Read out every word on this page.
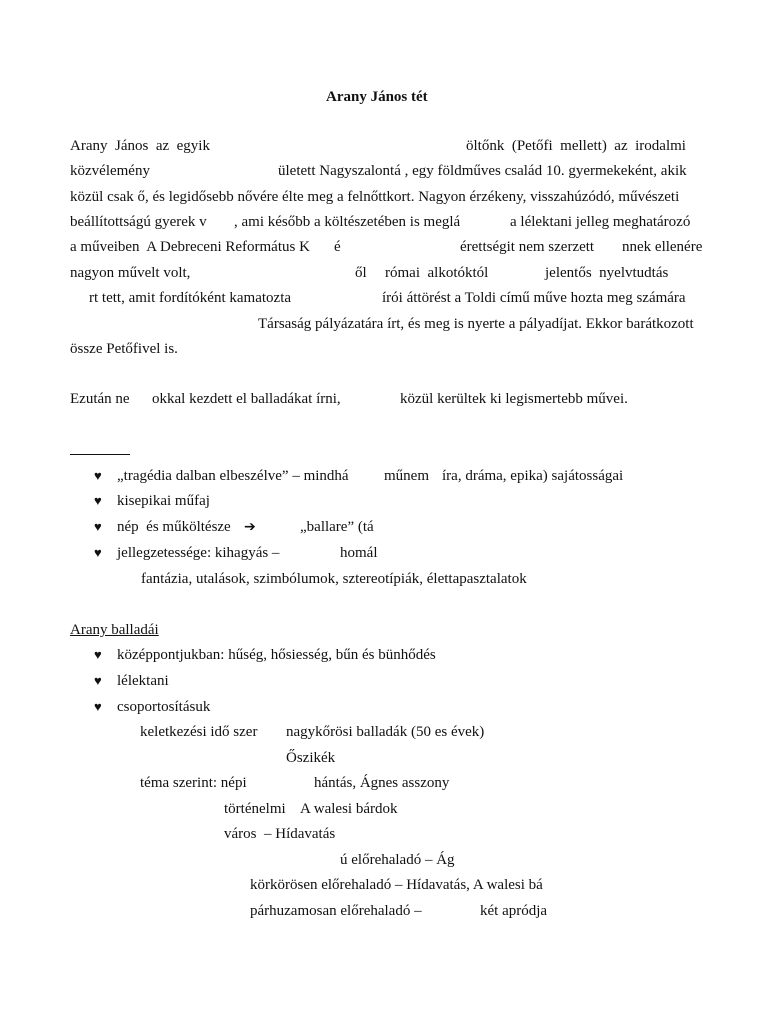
Arany János tét
Arany  János  az  egyik	öltőnk  (Petőfi  mellett)  az  irodalmi
közvélemény	ületett Nagyszalontá , egy földműves család 10. gyermekeként, akik
közül csak ő, és legidősebb nővére élte meg a felnőttkort. Nagyon érzékeny, visszahúzódó, művészeti
beállítottságú gyerek v , ami később a költészetében is meglá	a lélektani jelleg meghatározó
a műveiben  A Debreceni Református K é	érettségit nem szerzett nnek ellenére
nagyon művelt volt,	ől római  alkotóktól	jelentős  nyelvtudtás
rt tett, amit fordítóként kamatozta	írói áttörést a Toldi című műve hozta meg számára
Társaság pályázatára írt, és meg is nyerte a pályadíjat. Ekkor barátkozott
össze Petőfivel is.
Ezután ne okkal kezdett el balladákat írni,	közül kerültek ki legismertebb művei.
♥ „tragédia dalban elbeszélve” – mindhá műnem íra, dráma, epika) sajátosságai
♥ kisepikai műfaj
♥ nép  és műköltésze ➔	„ballare” (tá
♥ jellegzetessége: kihagyás –	homál
fantázia, utalások, szimbólumok, sztereotípiák, élettapasztalatok
Arany balladái
♥ középpontjukban: hűség, hősiesség, bűn és bünhődés
♥ lélektani
♥ csoportosításuk
keletkezési idő szer nagykőrösi balladák (50 es évek)
Őszikék
téma szerint: népi	hántás, Ágnes asszony
történelmi A walesi bárdok
város  – Hídavatás
ú előrehaladó – Ág
körkörösen előrehaladó – Hídavatás, A walesi bá
párhuzamosan előrehaladó –	két apródja
